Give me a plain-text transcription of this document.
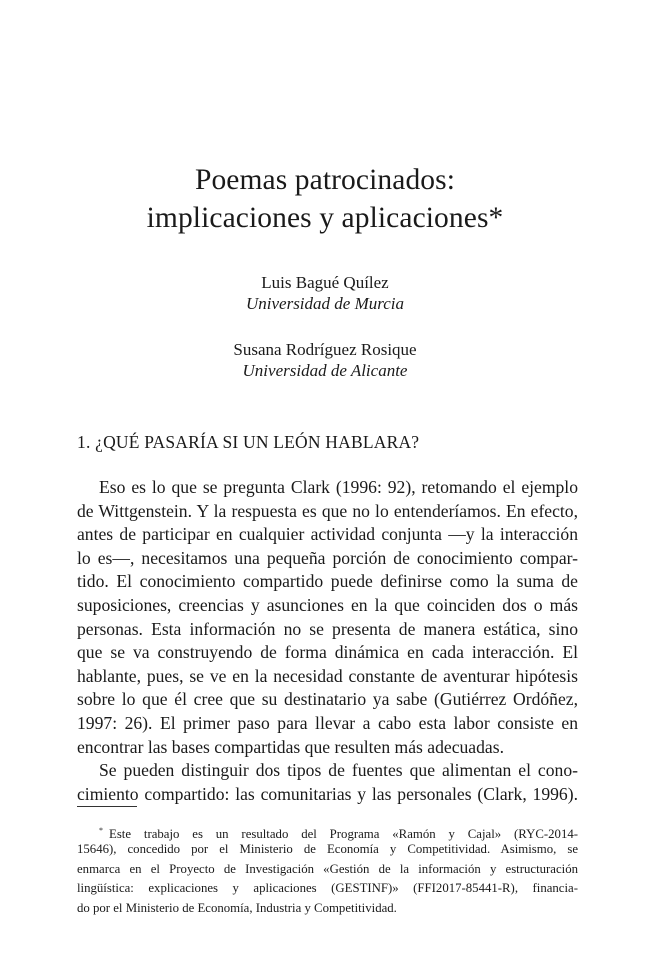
Poemas patrocinados:
implicaciones y aplicaciones*
Luis Bagué Quílez
Universidad de Murcia
Susana Rodríguez Rosique
Universidad de Alicante
1. ¿QUÉ PASARÍA SI UN LEÓN HABLARA?
Eso es lo que se pregunta Clark (1996: 92), retomando el ejemplo
de Wittgenstein. Y la respuesta es que no lo entenderíamos. En efecto,
antes de participar en cualquier actividad conjunta —y la interacción
lo es—, necesitamos una pequeña porción de conocimiento compar-
tido. El conocimiento compartido puede definirse como la suma de
suposiciones, creencias y asunciones en la que coinciden dos o más
personas. Esta información no se presenta de manera estática, sino
que se va construyendo de forma dinámica en cada interacción. El
hablante, pues, se ve en la necesidad constante de aventurar hipótesis
sobre lo que él cree que su destinatario ya sabe (Gutiérrez Ordóñez,
1997: 26). El primer paso para llevar a cabo esta labor consiste en
encontrar las bases compartidas que resulten más adecuadas.
Se pueden distinguir dos tipos de fuentes que alimentan el cono-
cimiento compartido: las comunitarias y las personales (Clark, 1996).
* Este trabajo es un resultado del Programa «Ramón y Cajal» (RYC-2014-
15646), concedido por el Ministerio de Economía y Competitividad. Asimismo, se
enmarca en el Proyecto de Investigación «Gestión de la información y estructuración
lingüística: explicaciones y aplicaciones (GESTINF)» (FFI2017-85441-R), financia-
do por el Ministerio de Economía, Industria y Competitividad.
